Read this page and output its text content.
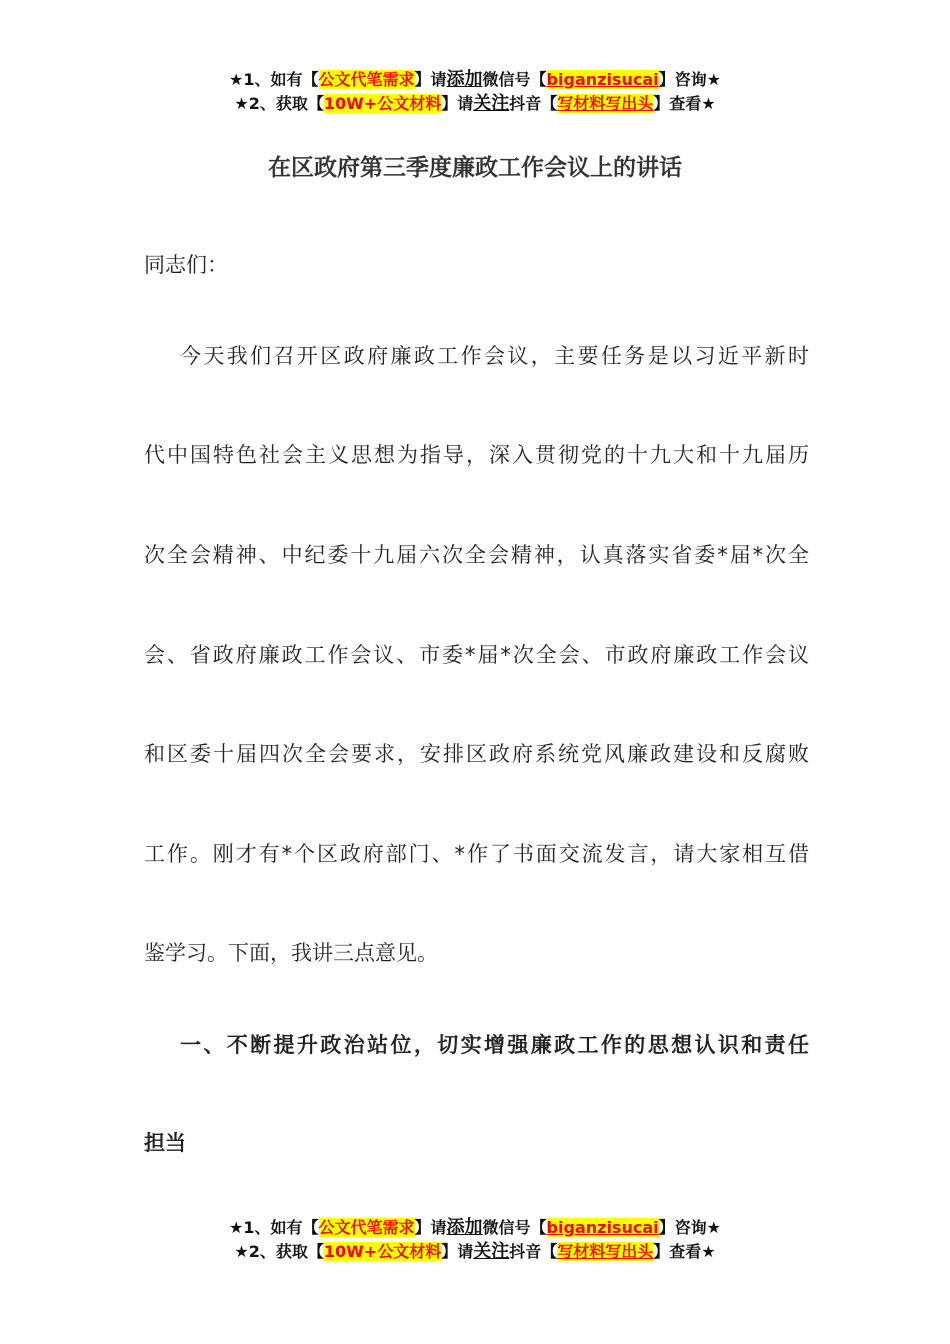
★1、如有【公文代笔需求】请添加微信号【biganzisucai】咨询★
★2、获取【10W+公文材料】请关注抖音【写材料写出头】查看★
在区政府第三季度廉政工作会议上的讲话
同志们：
今天我们召开区政府廉政工作会议，主要任务是以习近平新时
代中国特色社会主义思想为指导，深入贯彻党的十九大和十九届历
次全会精神、中纪委十九届六次全会精神，认真落实省委*届*次全
会、省政府廉政工作会议、市委*届*次全会、市政府廉政工作会议
和区委十届四次全会要求，安排区政府系统党风廉政建设和反腐败
工作。刚才有*个区政府部门、*作了书面交流发言，请大家相互借
鉴学习。下面，我讲三点意见。
一、不断提升政治站位，切实增强廉政工作的思想认识和责任
担当
★1、如有【公文代笔需求】请添加微信号【biganzisucai】咨询★
★2、获取【10W+公文材料】请关注抖音【写材料写出头】查看★
